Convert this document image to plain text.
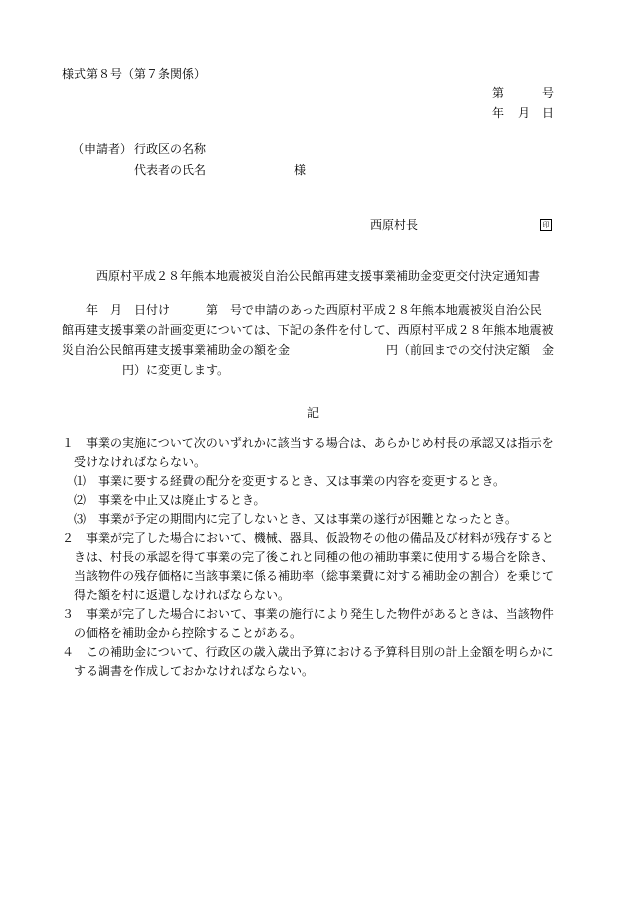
様式第８号（第７条関係）
第	号
年 月 日
（申請者） 行政区の名称
代表者の氏名	様
西原村長	印
西原村平成２８年熊本地震被災自治公民館再建支援事業補助金変更交付決定通知書
　　年　月　日付け　　　第　号で申請のあった西原村平成２８年熊本地震被災自治公民
館再建支援事業の計画変更については、下記の条件を付して、西原村平成２８年熊本地震被
災自治公民館再建支援事業補助金の額を金　　　　　　　　円（前回までの交付決定額　金
　　　　　円）に変更します。
記
１　事業の実施について次のいずれかに該当する場合は、あらかじめ村長の承認又は指示を
受けなければならない。
⑴　事業に要する経費の配分を変更するとき、又は事業の内容を変更するとき。
⑵　事業を中止又は廃止するとき。
⑶　事業が予定の期間内に完了しないとき、又は事業の遂行が困難となったとき。
２　事業が完了した場合において、機械、器具、仮設物その他の備品及び材料が残存すると
きは、村長の承認を得て事業の完了後これと同種の他の補助事業に使用する場合を除き、
当該物件の残存価格に当該事業に係る補助率（総事業費に対する補助金の割合）を乗じて
得た額を村に返還しなければならない。
３　事業が完了した場合において、事業の施行により発生した物件があるときは、当該物件
の価格を補助金から控除することがある。
４　この補助金について、行政区の歳入歳出予算における予算科目別の計上金額を明らかに
する調書を作成しておかなければならない。
